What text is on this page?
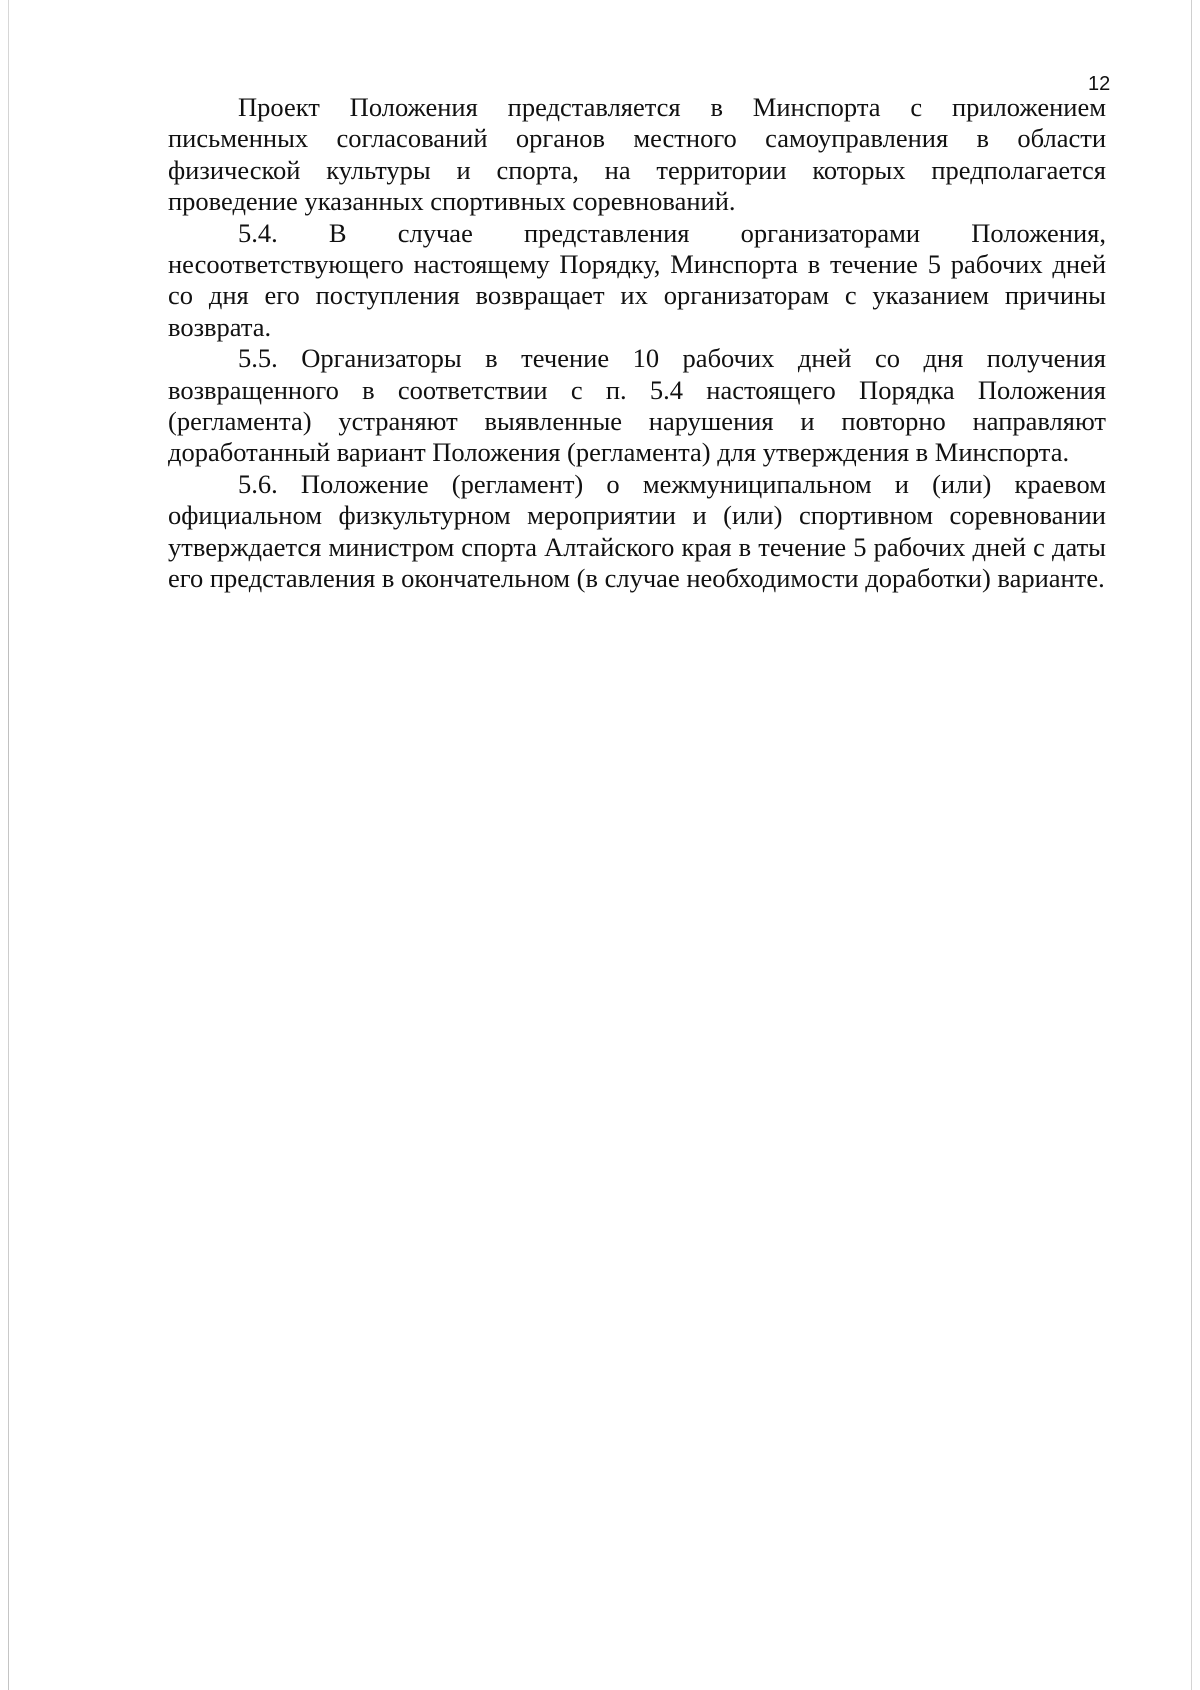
12

Проект Положения представляется в Минспорта с приложением письменных согласований органов местного самоуправления в области физической культуры и спорта, на территории которых предполагается проведение указанных спортивных соревнований.

5.4. В случае представления организаторами Положения, несоответствующего настоящему Порядку, Минспорта в течение 5 рабочих дней со дня его поступления возвращает их организаторам с указанием причины возврата.

5.5. Организаторы в течение 10 рабочих дней со дня получения возвращенного в соответствии с п. 5.4 настоящего Порядка Положения (регламента) устраняют выявленные нарушения и повторно направляют доработанный вариант Положения (регламента) для утверждения в Минспорта.

5.6. Положение (регламент) о межмуниципальном и (или) краевом официальном физкультурном мероприятии и (или) спортивном соревновании утверждается министром спорта Алтайского края в течение 5 рабочих дней с даты его представления в окончательном (в случае необходимости доработки) варианте.
